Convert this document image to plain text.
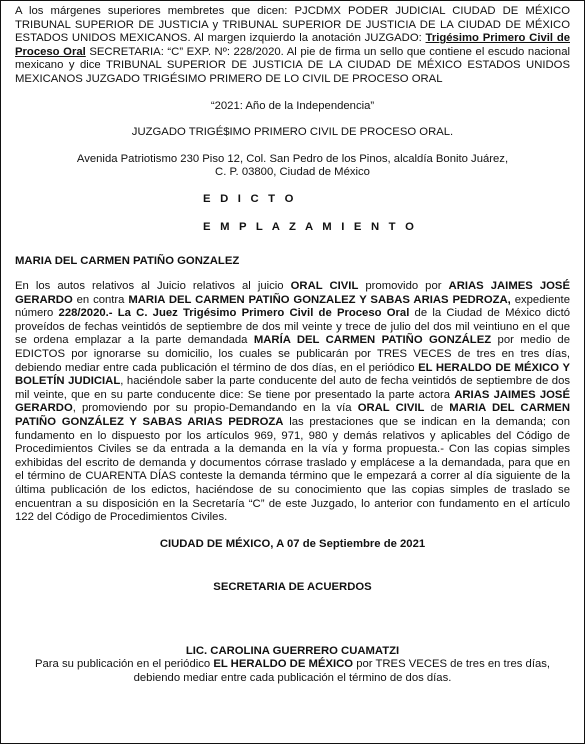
A los márgenes superiores membretes que dicen: PJCDMX PODER JUDICIAL CIUDAD DE MÉXICO TRIBUNAL SUPERIOR DE JUSTICIA y TRIBUNAL SUPERIOR DE JUSTICIA DE LA CIUDAD DE MÉXICO ESTADOS UNIDOS MEXICANOS. Al margen izquierdo la anotación JUZGADO: Trigésimo Primero Civil de Proceso Oral SECRETARIA: “C” EXP. Nº: 228/2020. Al pie de firma un sello que contiene el escudo nacional mexicano y dice TRIBUNAL SUPERIOR DE JUSTICIA DE LA CIUDAD DE MÉXICO ESTADOS UNIDOS MEXICANOS JUZGADO TRIGÉSIMO PRIMERO DE LO CIVIL DE PROCESO ORAL

“2021: Año de la Independencia”

JUZGADO TRIGÉ$IMO PRIMERO CIVIL DE PROCESO ORAL.

Avenida Patriotismo 230 Piso 12, Col. San Pedro de los Pinos, alcaldía Bonito Juárez,

C. P. 03800, Ciudad de México

E D I C T O

E M P L A Z A M I E N T O

MARIA DEL CARMEN PATIÑO GONZALEZ

En los autos relativos al Juicio relativos al juicio ORAL CIVIL promovido por ARIAS JAIMES JOSÉ GERARDO en contra MARIA DEL CARMEN PATIÑO GONZALEZ Y SABAS ARIAS PEDROZA, expediente número 228/2020.- La C. Juez Trigésimo Primero Civil de Proceso Oral de la Ciudad de México dictó proveídos de fechas veintidós de septiembre de dos mil veinte y trece de julio del dos mil veintiuno en el que se ordena emplazar a la parte demandada MARÍA DEL CARMEN PATIÑO GONZÁLEZ por medio de EDICTOS por ignorarse su domicilio, los cuales se publicarán por TRES VECES de tres en tres días, debiendo mediar entre cada publicación el término de dos días, en el periódico EL HERALDO DE MÉXICO Y BOLETÍN JUDICIAL, haciéndole saber la parte conducente del auto de fecha veintidós de septiembre de dos mil veinte, que en su parte conducente dice: Se tiene por presentado la parte actora ARIAS JAIMES JOSÉ GERARDO, promoviendo por su propio-Demandando en la vía ORAL CIVIL de MARIA DEL CARMEN PATIÑO GONZÁLEZ Y SABAS ARIAS PEDROZA las prestaciones que se indican en la demanda; con fundamento en lo dispuesto por los artículos 969, 971, 980 y demás relativos y aplicables del Código de Procedimientos Civiles se da entrada a la demanda en la vía y forma propuesta.- Con las copias simples exhibidas del escrito de demanda y documentos córrase traslado y emplácese a la demandada, para que en el término de CUARENTA DÍAS conteste la demanda término que le empezará a correr al día siguiente de la última publicación de los edictos, haciéndose de su conocimiento que las copias simples de traslado se encuentran a su disposición en la Secretaría “C” de este Juzgado, lo anterior con fundamento en el artículo 122 del Código de Procedimientos Civiles.

CIUDAD DE MÉXICO, A 07 de Septiembre de 2021

SECRETARIA DE ACUERDOS

LIC. CAROLINA GUERRERO CUAMATZI

Para su publicación en el periódico EL HERALDO DE MÉXICO por TRES VECES de tres en tres días, debiendo mediar entre cada publicación el término de dos días.
